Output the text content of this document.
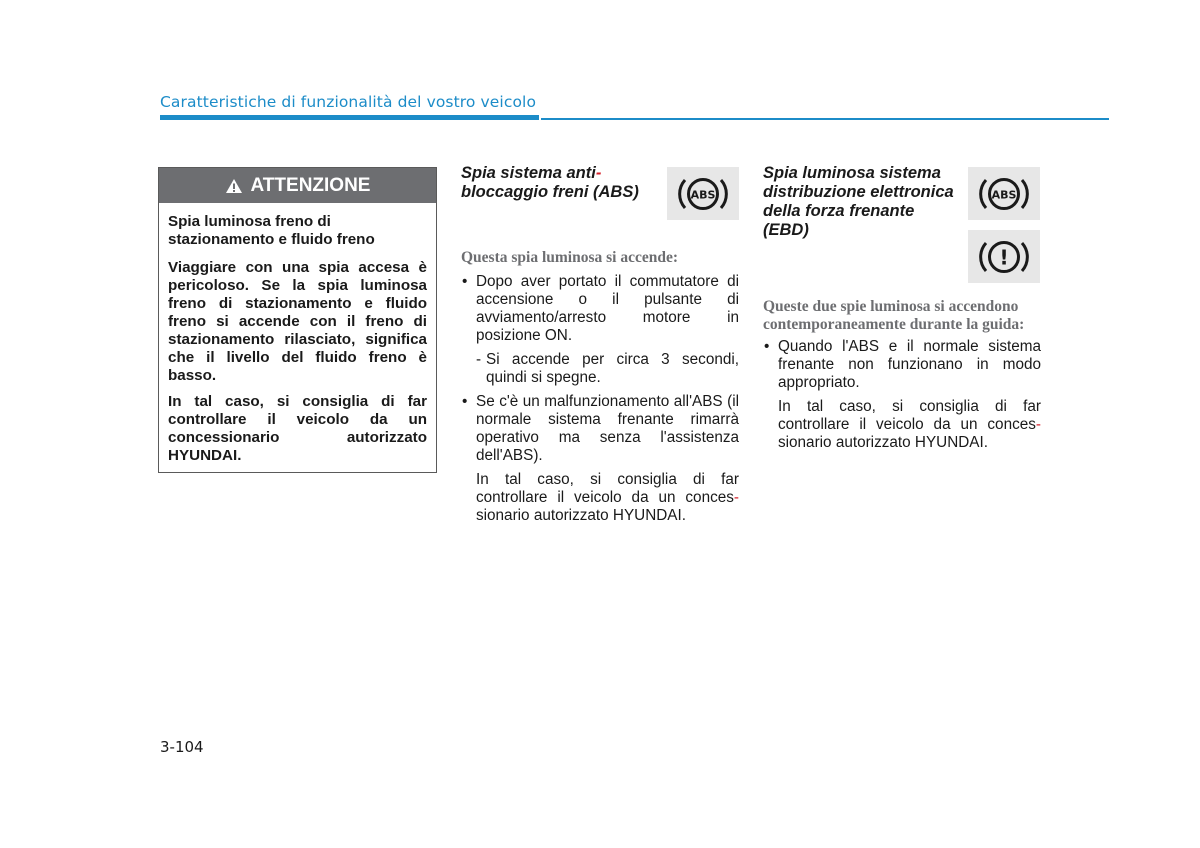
Caratteristiche di funzionalità del vostro veicolo
ATTENZIONE

Spia luminosa freno di stazionamento e fluido freno

Viaggiare con una spia accesa è pericoloso. Se la spia luminosa freno di stazionamento e fluido freno si accende con il freno di stazionamento rilasciato, significa che il livello del fluido freno è basso.

In tal caso, si consiglia di far controllare il veicolo da un concessionario autorizzato HYUNDAI.

Spia sistema anti-
bloccaggio freni (ABS)	ABS
Questa spia luminosa si accende:
• Dopo aver portato il commutatore di accensione o il pulsante di avviamento/arresto motore in posizione ON.
- Si accende per circa 3 secondi, quindi si spegne.
• Se c'è un malfunzionamento all'ABS (il normale sistema frenante rimarrà operativo ma senza l'assistenza dell'ABS).
In tal caso, si consiglia di far controllare il veicolo da un conces-sionario autorizzato HYUNDAI.
Spia luminosa sistema distribuzione elettronica della forza frenante (EBD)
ABS
!
Queste due spie luminosa si accendono contemporaneamente durante la guida:
• Quando l'ABS e il normale sistema frenante non funzionano in modo appropriato.
In tal caso, si consiglia di far controllare il veicolo da un conces-sionario autorizzato HYUNDAI.
3-104
